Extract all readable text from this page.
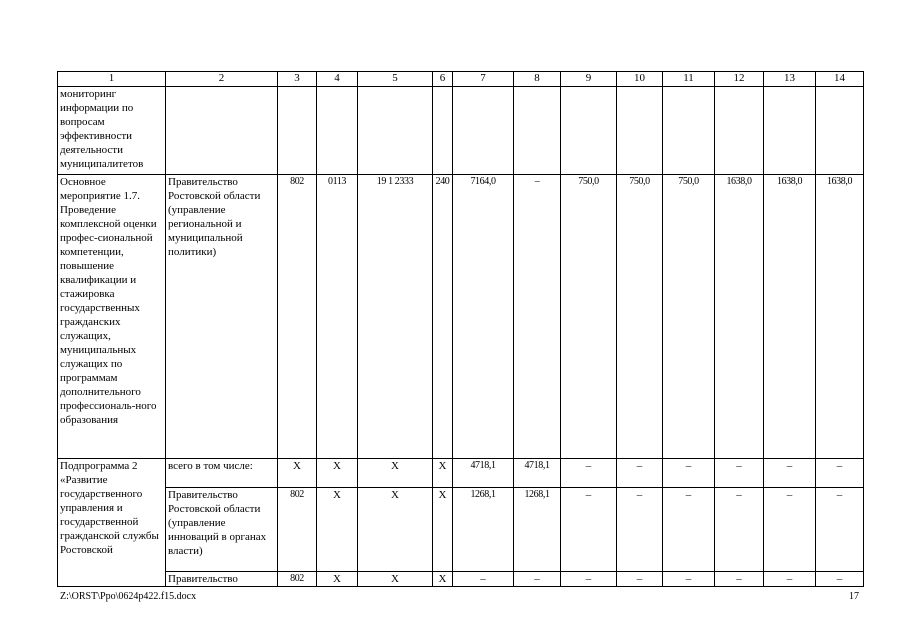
1	2	3	4	5	6	7	8	9	10	11	12	13	14
мониторинг информации по вопросам эффективности деятельности муниципалитетов													
Основное мероприятие 1.7. Проведение комплексной оценки профес-сиональной компетенции, повышение квалификации и стажировка государственных гражданских служащих, муниципальных служащих по программам дополнительного профессиональ-ного образования	Правительство Ростовской области (управление региональной и муниципальной политики)	802	0113	19 1 2333	240	7164,0	–	750,0	750,0	750,0	1638,0	1638,0	1638,0
Подпрограмма 2 «Развитие государственного управления и государственной гражданской службы Ростовской	всего в том числе:	Х	Х	Х	Х	4718,1	4718,1	–	–	–	–	–	–
	Правительство Ростовской области (управление инноваций в органах власти)	802	Х	Х	Х	1268,1	1268,1	–	–	–	–	–	–
	Правительство	802	Х	Х	Х	–	–	–	–	–	–	–	–
Z:\ORST\Ppo\0624p422.f15.docx	17
